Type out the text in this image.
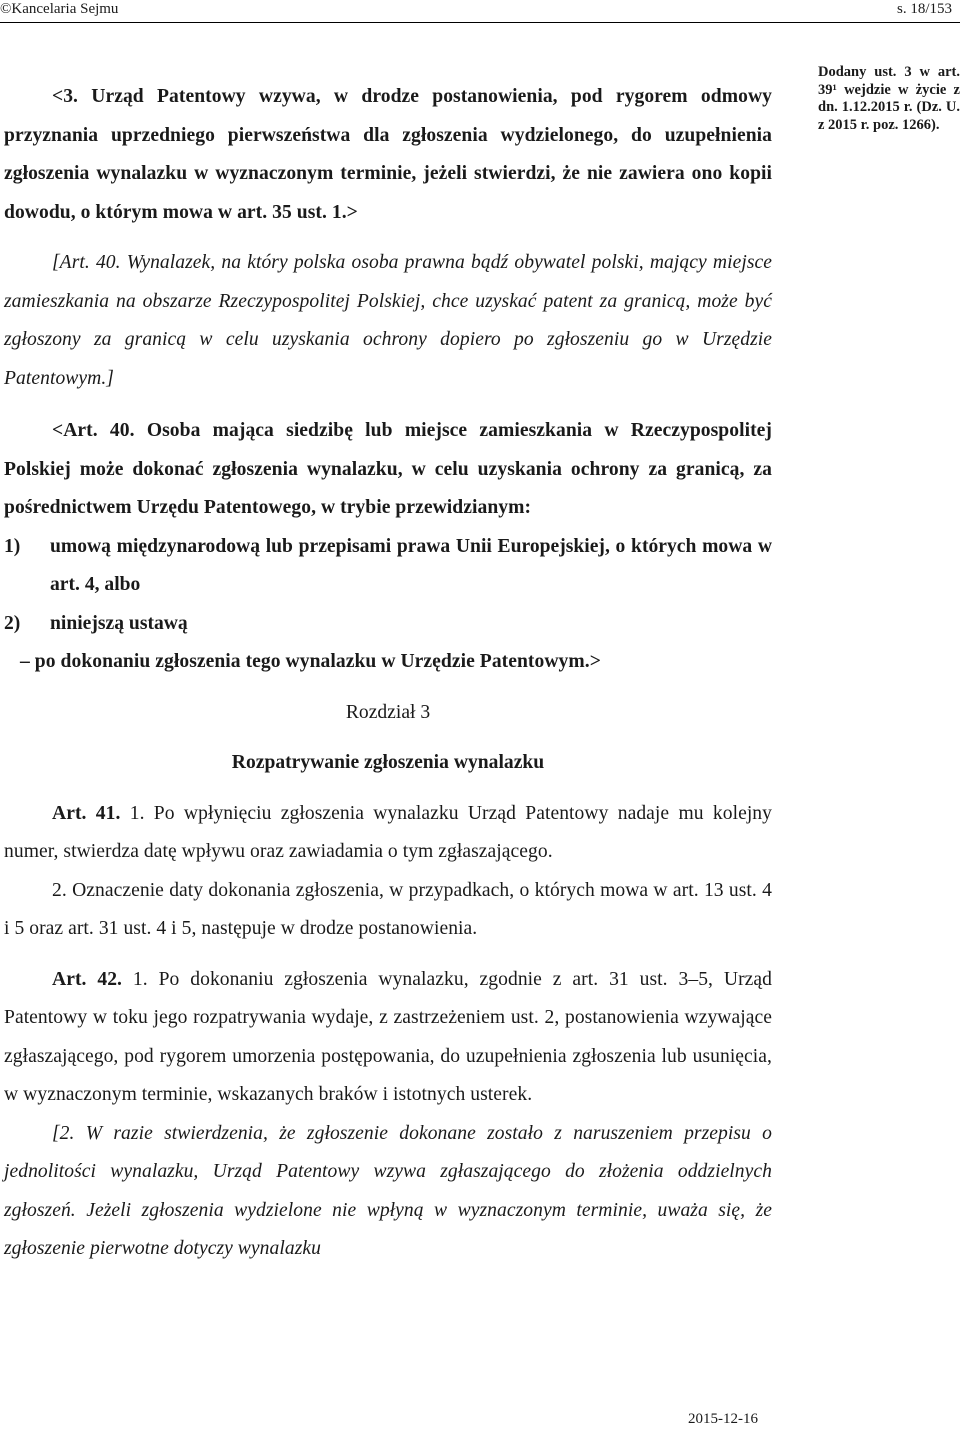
©Kancelaria Sejmu	s. 18/153
Dodany ust. 3 w art. 39¹ wejdzie w życie z dn. 1.12.2015 r. (Dz. U. z 2015 r. poz. 1266).

<3. Urząd Patentowy wzywa, w drodze postanowienia, pod rygorem odmowy przyznania uprzedniego pierwszeństwa dla zgłoszenia wydzielonego, do uzupełnienia zgłoszenia wynalazku w wyznaczonym terminie, jeżeli stwierdzi, że nie zawiera ono kopii dowodu, o którym mowa w art. 35 ust. 1.>

[Art. 40. Wynalazek, na który polska osoba prawna bądź obywatel polski, mający miejsce zamieszkania na obszarze Rzeczypospolitej Polskiej, chce uzyskać patent za granicą, może być zgłoszony za granicą w celu uzyskania ochrony dopiero po zgłoszeniu go w Urzędzie Patentowym.]

<Art. 40. Osoba mająca siedzibę lub miejsce zamieszkania w Rzeczypospolitej Polskiej może dokonać zgłoszenia wynalazku, w celu uzyskania ochrony za granicą, za pośrednictwem Urzędu Patentowego, w trybie przewidzianym:

1)	umową międzynarodową lub przepisami prawa Unii Europejskiej, o których mowa w art. 4, albo
2)	niniejszą ustawą

– po dokonaniu zgłoszenia tego wynalazku w Urzędzie Patentowym.>

Rozdział 3

Rozpatrywanie zgłoszenia wynalazku

Art. 41. 1. Po wpłynięciu zgłoszenia wynalazku Urząd Patentowy nadaje mu kolejny numer, stwierdza datę wpływu oraz zawiadamia o tym zgłaszającego.

2. Oznaczenie daty dokonania zgłoszenia, w przypadkach, o których mowa w art. 13 ust. 4 i 5 oraz art. 31 ust. 4 i 5, następuje w drodze postanowienia.

Art. 42. 1. Po dokonaniu zgłoszenia wynalazku, zgodnie z art. 31 ust. 3–5, Urząd Patentowy w toku jego rozpatrywania wydaje, z zastrzeżeniem ust. 2, postanowienia wzywające zgłaszającego, pod rygorem umorzenia postępowania, do uzupełnienia zgłoszenia lub usunięcia, w wyznaczonym terminie, wskazanych braków i istotnych usterek.

[2. W razie stwierdzenia, że zgłoszenie dokonane zostało z naruszeniem przepisu o jednolitości wynalazku, Urząd Patentowy wzywa zgłaszającego do złożenia oddzielnych zgłoszeń. Jeżeli zgłoszenia wydzielone nie wpłyną w wyznaczonym terminie, uważa się, że zgłoszenie pierwotne dotyczy wynalazku

2015-12-16
